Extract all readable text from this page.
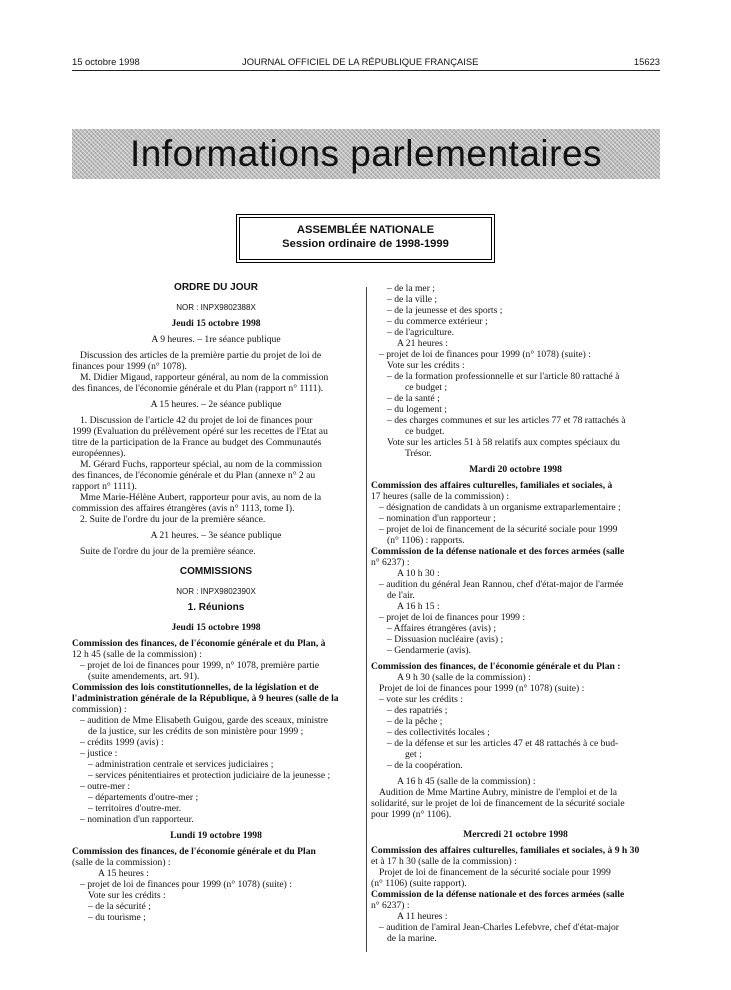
15 octobre 1998	JOURNAL OFFICIEL DE LA RÉPUBLIQUE FRANÇAISE	15623
Informations parlementaires
ASSEMBLÉE NATIONALE
Session ordinaire de 1998-1999
ORDRE DU JOUR
NOR : INPX9802388X
Jeudi 15 octobre 1998
A 9 heures. – 1re séance publique
Discussion des articles de la première partie du projet de loi de
finances pour 1999 (n° 1078).
M. Didier Migaud, rapporteur général, au nom de la commission
des finances, de l'économie générale et du Plan (rapport n° 1111).
A 15 heures. – 2e séance publique
1. Discussion de l'article 42 du projet de loi de finances pour
1999 (Evaluation du prélèvement opéré sur les recettes de l'Etat au
titre de la participation de la France au budget des Communautés
européennes).
M. Gérard Fuchs, rapporteur spécial, au nom de la commission
des finances, de l'économie générale et du Plan (annexe n° 2 au
rapport n° 1111).
Mme Marie-Hélène Aubert, rapporteur pour avis, au nom de la
commission des affaires étrangères (avis n° 1113, tome I).
2. Suite de l'ordre du jour de la première séance.
A 21 heures. – 3e séance publique
Suite de l'ordre du jour de la première séance.
COMMISSIONS
NOR : INPX9802390X
1. Réunions
Jeudi 15 octobre 1998
Commission des finances, de l'économie générale et du Plan, à
12 h 45 (salle de la commission) :
– projet de loi de finances pour 1999, n° 1078, première partie
(suite amendements, art. 91).
Commission des lois constitutionnelles, de la législation et de
l'administration générale de la République, à 9 heures (salle de la
commission) :
– audition de Mme Elisabeth Guigou, garde des sceaux, ministre
de la justice, sur les crédits de son ministère pour 1999 ;
– crédits 1999 (avis) :
– justice :
– administration centrale et services judiciaires ;
– services pénitentiaires et protection judiciaire de la jeunesse ;
– outre-mer :
– départements d'outre-mer ;
– territoires d'outre-mer.
– nomination d'un rapporteur.
Lundi 19 octobre 1998
Commission des finances, de l'économie générale et du Plan
(salle de la commission) :
A 15 heures :
– projet de loi de finances pour 1999 (n° 1078) (suite) :
Vote sur les crédits :
– de la sécurité ;
– du tourisme ;
– de la mer ;
– de la ville ;
– de la jeunesse et des sports ;
– du commerce extérieur ;
– de l'agriculture.
A 21 heures :
– projet de loi de finances pour 1999 (n° 1078) (suite) :
Vote sur les crédits :
– de la formation professionnelle et sur l'article 80 rattaché à
ce budget ;
– de la santé ;
– du logement ;
– des charges communes et sur les articles 77 et 78 rattachés à
ce budget.
Vote sur les articles 51 à 58 relatifs aux comptes spéciaux du
Trésor.
Mardi 20 octobre 1998
Commission des affaires culturelles, familiales et sociales, à
17 heures (salle de la commission) :
– désignation de candidats à un organisme extraparlementaire ;
– nomination d'un rapporteur ;
– projet de loi de financement de la sécurité sociale pour 1999
(n° 1106) : rapports.
Commission de la défense nationale et des forces armées (salle
n° 6237) :
A 10 h 30 :
– audition du général Jean Rannou, chef d'état-major de l'armée
de l'air.
A 16 h 15 :
– projet de loi de finances pour 1999 :
– Affaires étrangères (avis) ;
– Dissuasion nucléaire (avis) ;
– Gendarmerie (avis).
Commission des finances, de l'économie générale et du Plan :
A 9 h 30 (salle de la commission) :
Projet de loi de finances pour 1999 (n° 1078) (suite) :
– vote sur les crédits :
– des rapatriés ;
– de la pêche ;
– des collectivités locales ;
– de la défense et sur les articles 47 et 48 rattachés à ce bud-
get ;
– de la coopération.
A 16 h 45 (salle de la commission) :
Audition de Mme Martine Aubry, ministre de l'emploi et de la
solidarité, sur le projet de loi de financement de la sécurité sociale
pour 1999 (n° 1106).
Mercredi 21 octobre 1998
Commission des affaires culturelles, familiales et sociales, à 9 h 30
et à 17 h 30 (salle de la commission) :
Projet de loi de financement de la sécurité sociale pour 1999
(n° 1106) (suite rapport).
Commission de la défense nationale et des forces armées (salle
n° 6237) :
A 11 heures :
– audition de l'amiral Jean-Charles Lefebvre, chef d'état-major
de la marine.
